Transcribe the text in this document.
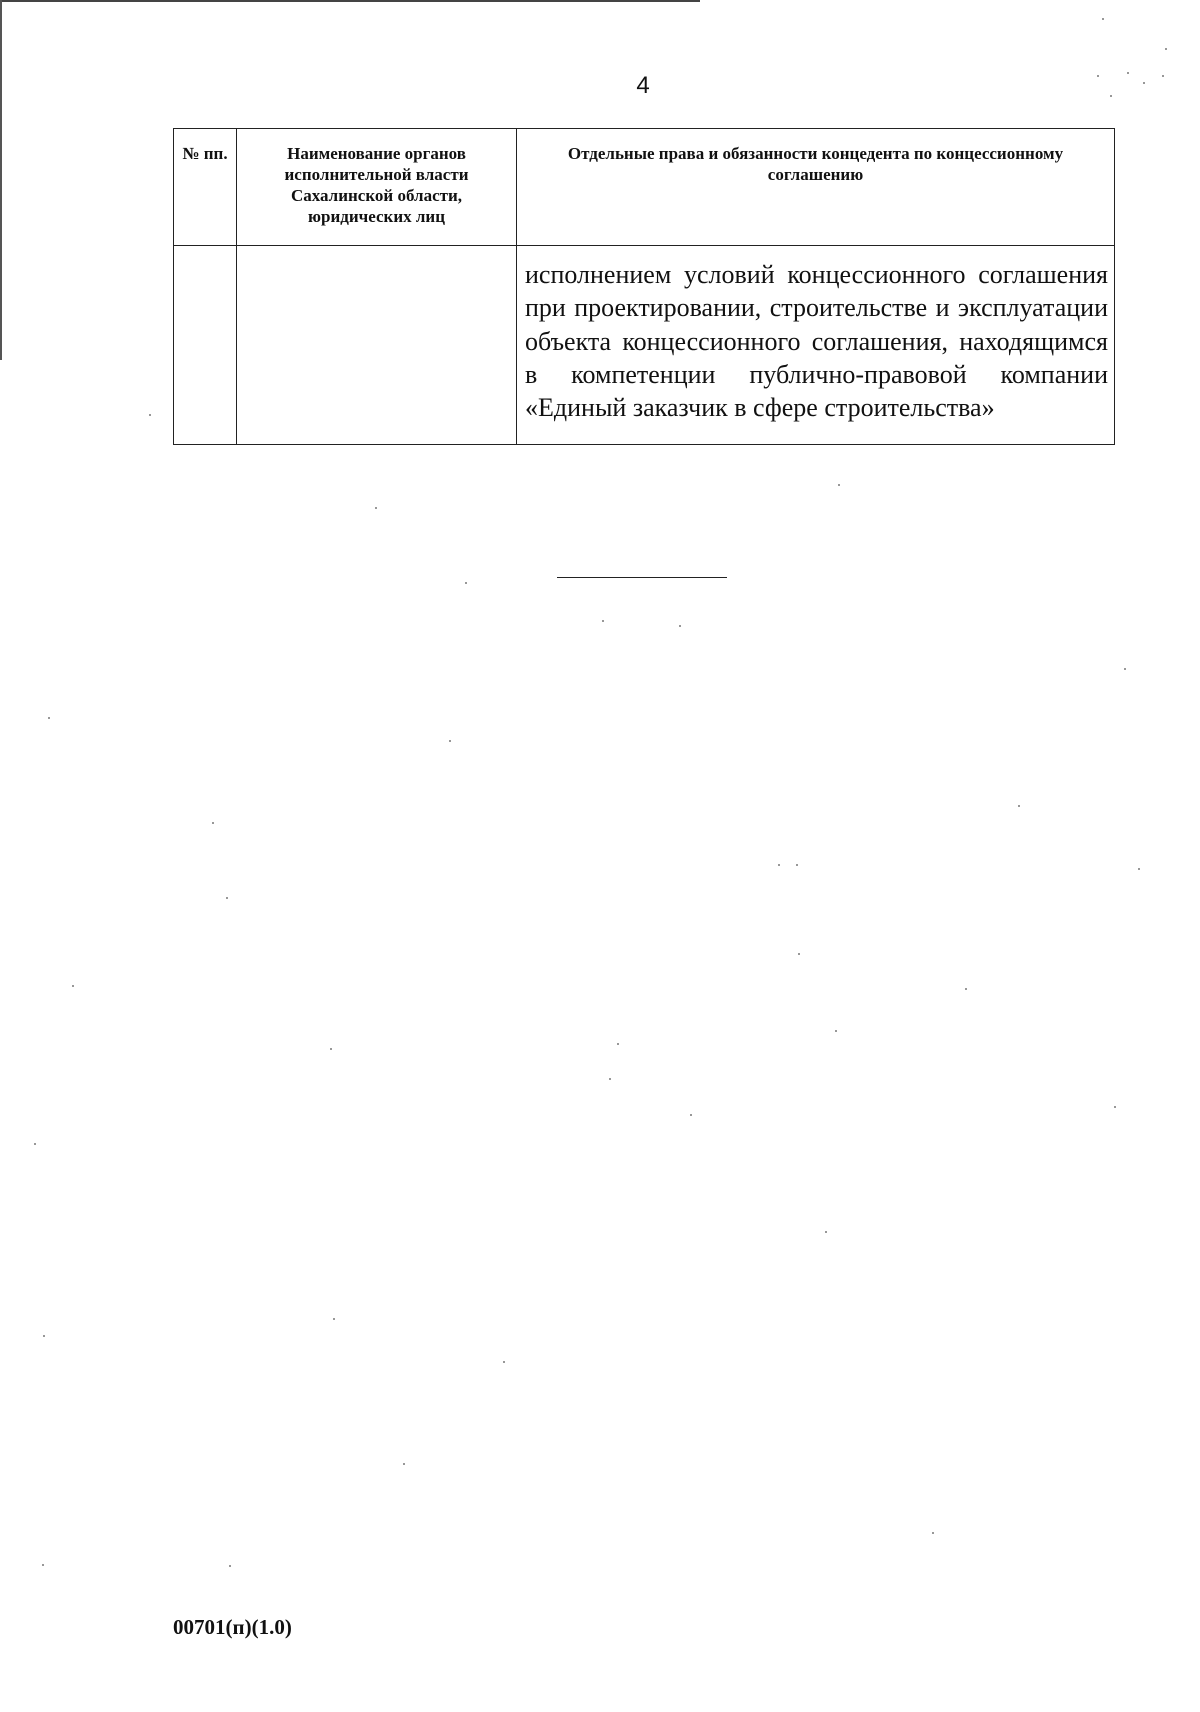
4
№ пп.	Наименование органов исполнительной власти Сахалинской области, юридических лиц	Отдельные права и обязанности концедента по концессионному соглашению
		исполнением условий концессионного соглашения при проектировании, строительстве и эксплуатации объекта концессионного соглашения, находящимся в компетенции публично-правовой компании «Единый заказчик в сфере строительства»
00701(п)(1.0)
